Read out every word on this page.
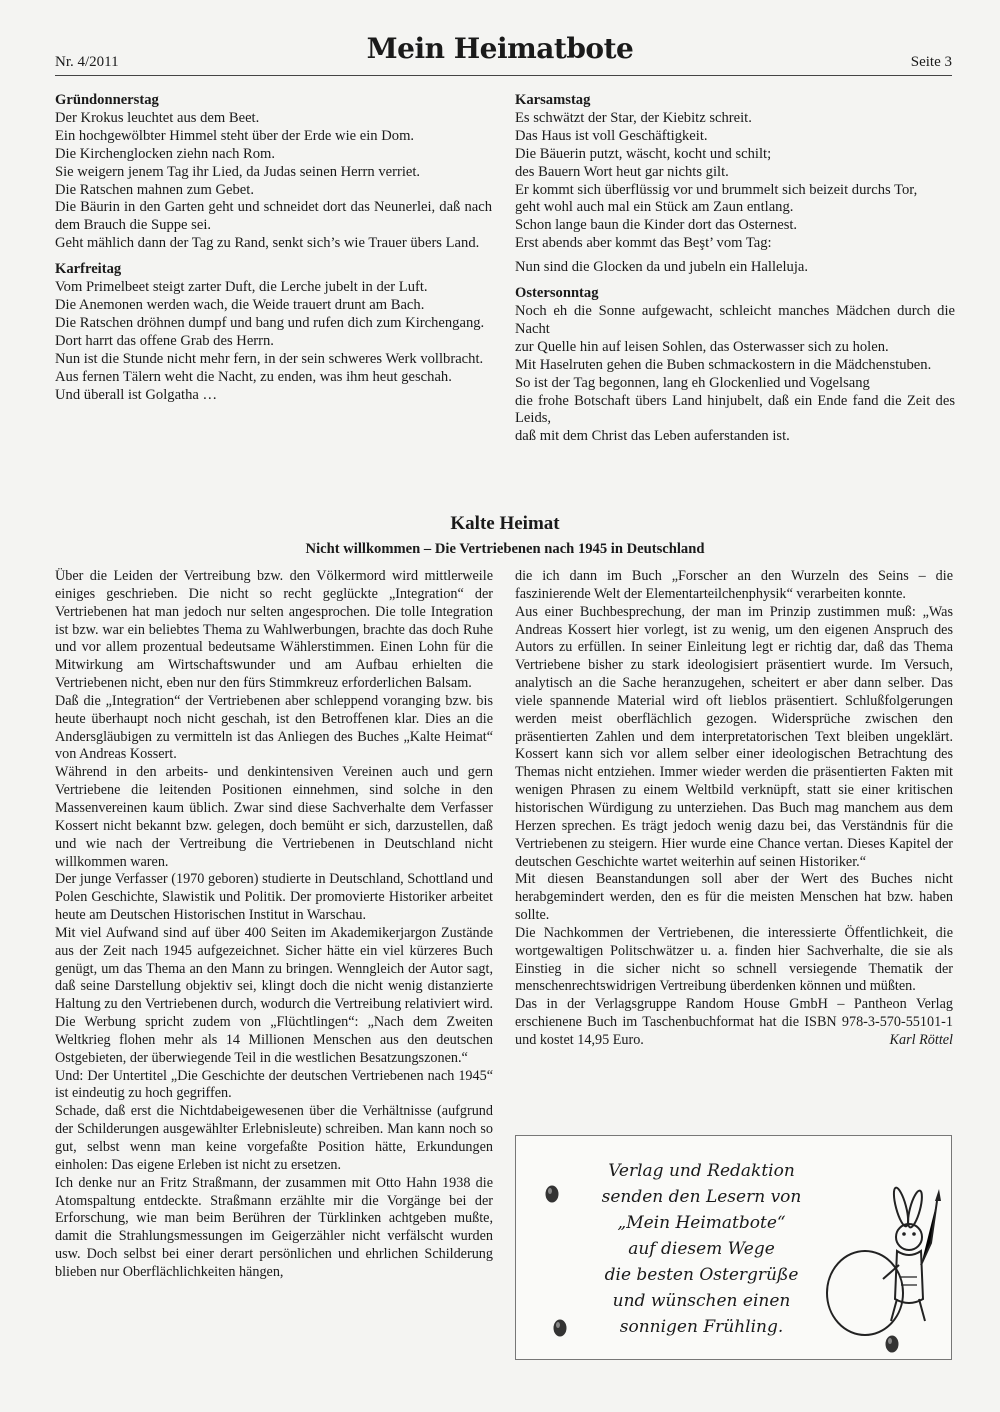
Nr. 4/2011	Mein Heimatbote	Seite 3
Gründonnerstag
Der Krokus leuchtet aus dem Beet.
Ein hochgewölbter Himmel steht über der Erde wie ein Dom.
Die Kirchenglocken ziehn nach Rom.
Sie weigern jenem Tag ihr Lied, da Judas seinen Herrn verriet.
Die Ratschen mahnen zum Gebet.
Die Bäurin in den Garten geht und schneidet dort das Neunerlei, daß nach dem Brauch die Suppe sei.
Geht mählich dann der Tag zu Rand, senkt sich’s wie Trauer übers Land.
Karfreitag
Vom Primelbeet steigt zarter Duft, die Lerche jubelt in der Luft.
Die Anemonen werden wach, die Weide trauert drunt am Bach.
Die Ratschen dröhnen dumpf und bang und rufen dich zum Kirchengang.
Dort harrt das offene Grab des Herrn.
Nun ist die Stunde nicht mehr fern, in der sein schweres Werk vollbracht.
Aus fernen Tälern weht die Nacht, zu enden, was ihm heut geschah.
Und überall ist Golgatha …
Karsamstag
Es schwätzt der Star, der Kiebitz schreit.
Das Haus ist voll Geschäftigkeit.
Die Bäuerin putzt, wäscht, kocht und schilt;
des Bauern Wort heut gar nichts gilt.
Er kommt sich überflüssig vor und brummelt sich beizeit durchs Tor,
geht wohl auch mal ein Stück am Zaun entlang.
Schon lange baun die Kinder dort das Osternest.
Erst abends aber kommt das Beşt’ vom Tag:
Nun sind die Glocken da und jubeln ein Halleluja.
Ostersonntag
Noch eh die Sonne aufgewacht, schleicht manches Mädchen durch die Nacht
zur Quelle hin auf leisen Sohlen, das Osterwasser sich zu holen.
Mit Haselruten gehen die Buben schmackostern in die Mädchenstuben.
So ist der Tag begonnen, lang eh Glockenlied und Vogelsang
die frohe Botschaft übers Land hinjubelt, daß ein Ende fand die Zeit des Leids,
daß mit dem Christ das Leben auferstanden ist.
Kalte Heimat
Nicht willkommen – Die Vertriebenen nach 1945 in Deutschland

Über die Leiden der Vertreibung bzw. den Völkermord wird mittlerweile einiges geschrieben. Die nicht so recht geglückte „Integration“ der Vertriebenen hat man jedoch nur selten angesprochen. Die tolle Integration ist bzw. war ein beliebtes Thema zu Wahlwerbungen, brachte das doch Ruhe und vor allem prozentual bedeutsame Wählerstimmen. Einen Lohn für die Mitwirkung am Wirtschaftswunder und am Aufbau erhielten die Vertriebenen nicht, eben nur den fürs Stimmkreuz erforderlichen Balsam.

Daß die „Integration“ der Vertriebenen aber schleppend voranging bzw. bis heute überhaupt noch nicht geschah, ist den Betroffenen klar. Dies an die Andersgläubigen zu vermitteln ist das Anliegen des Buches „Kalte Heimat“ von Andreas Kossert.

Während in den arbeits- und denkintensiven Vereinen auch und gern Vertriebene die leitenden Positionen einnehmen, sind solche in den Massenvereinen kaum üblich. Zwar sind diese Sachverhalte dem Verfasser Kossert nicht bekannt bzw. gelegen, doch bemüht er sich, darzustellen, daß und wie nach der Vertreibung die Vertriebenen in Deutschland nicht willkommen waren.

Der junge Verfasser (1970 geboren) studierte in Deutschland, Schottland und Polen Geschichte, Slawistik und Politik. Der promovierte Historiker arbeitet heute am Deutschen Historischen Institut in Warschau.

Mit viel Aufwand sind auf über 400 Seiten im Akademikerjargon Zustände aus der Zeit nach 1945 aufgezeichnet. Sicher hätte ein viel kürzeres Buch genügt, um das Thema an den Mann zu bringen. Wenngleich der Autor sagt, daß seine Darstellung objektiv sei, klingt doch die nicht wenig distanzierte Haltung zu den Vertriebenen durch, wodurch die Vertreibung relativiert wird. Die Werbung spricht zudem von „Flüchtlingen“: „Nach dem Zweiten Weltkrieg flohen mehr als 14 Millionen Menschen aus den deutschen Ostgebieten, der überwiegende Teil in die westlichen Besatzungszonen.“

Und: Der Untertitel „Die Geschichte der deutschen Vertriebenen nach 1945“ ist eindeutig zu hoch gegriffen.

Schade, daß erst die Nichtdabeigewesenen über die Verhältnisse (aufgrund der Schilderungen ausgewählter Erlebnisleute) schreiben. Man kann noch so gut, selbst wenn man keine vorgefaßte Position hätte, Erkundungen einholen: Das eigene Erleben ist nicht zu ersetzen.

Ich denke nur an Fritz Straßmann, der zusammen mit Otto Hahn 1938 die Atomspaltung entdeckte. Straßmann erzählte mir die Vorgänge bei der Erforschung, wie man beim Berühren der Türklinken achtgeben mußte, damit die Strahlungsmessungen im Geigerzähler nicht verfälscht wurden usw. Doch selbst bei einer derart persönlichen und ehrlichen Schilderung blieben nur Oberflächlichkeiten hängen,

die ich dann im Buch „Forscher an den Wurzeln des Seins – die faszinierende Welt der Elementarteilchenphysik“ verarbeiten konnte.

Aus einer Buchbesprechung, der man im Prinzip zustimmen muß: „Was Andreas Kossert hier vorlegt, ist zu wenig, um den eigenen Anspruch des Autors zu erfüllen. In seiner Einleitung legt er richtig dar, daß das Thema Vertriebene bisher zu stark ideologisiert präsentiert wurde. Im Versuch, analytisch an die Sache heranzugehen, scheitert er aber dann selber. Das viele spannende Material wird oft lieblos präsentiert. Schlußfolgerungen werden meist oberflächlich gezogen. Widersprüche zwischen den präsentierten Zahlen und dem interpretatorischen Text bleiben ungeklärt. Kossert kann sich vor allem selber einer ideologischen Betrachtung des Themas nicht entziehen. Immer wieder werden die präsentierten Fakten mit wenigen Phrasen zu einem Weltbild verknüpft, statt sie einer kritischen historischen Würdigung zu unterziehen. Das Buch mag manchem aus dem Herzen sprechen. Es trägt jedoch wenig dazu bei, das Verständnis für die Vertriebenen zu steigern. Hier wurde eine Chance vertan. Dieses Kapitel der deutschen Geschichte wartet weiterhin auf seinen Historiker.“

Mit diesen Beanstandungen soll aber der Wert des Buches nicht herabgemindert werden, den es für die meisten Menschen hat bzw. haben sollte.

Die Nachkommen der Vertriebenen, die interessierte Öffentlichkeit, die wortgewaltigen Politschwätzer u. a. finden hier Sachverhalte, die sie als Einstieg in die sicher nicht so schnell versiegende Thematik der menschenrechtswidrigen Vertreibung überdenken können und müßten.

Das in der Verlagsgruppe Random House GmbH – Pantheon Verlag erschienene Buch im Taschenbuchformat hat die ISBN 978-3-570-55101-1 und kostet 14,95 Euro.	Karl Röttel
Verlag und Redaktion
senden den Lesern von
„Mein Heimatbote“
auf diesem Wege
die besten Ostergrüße
und wünschen einen
sonnigen Frühling.
